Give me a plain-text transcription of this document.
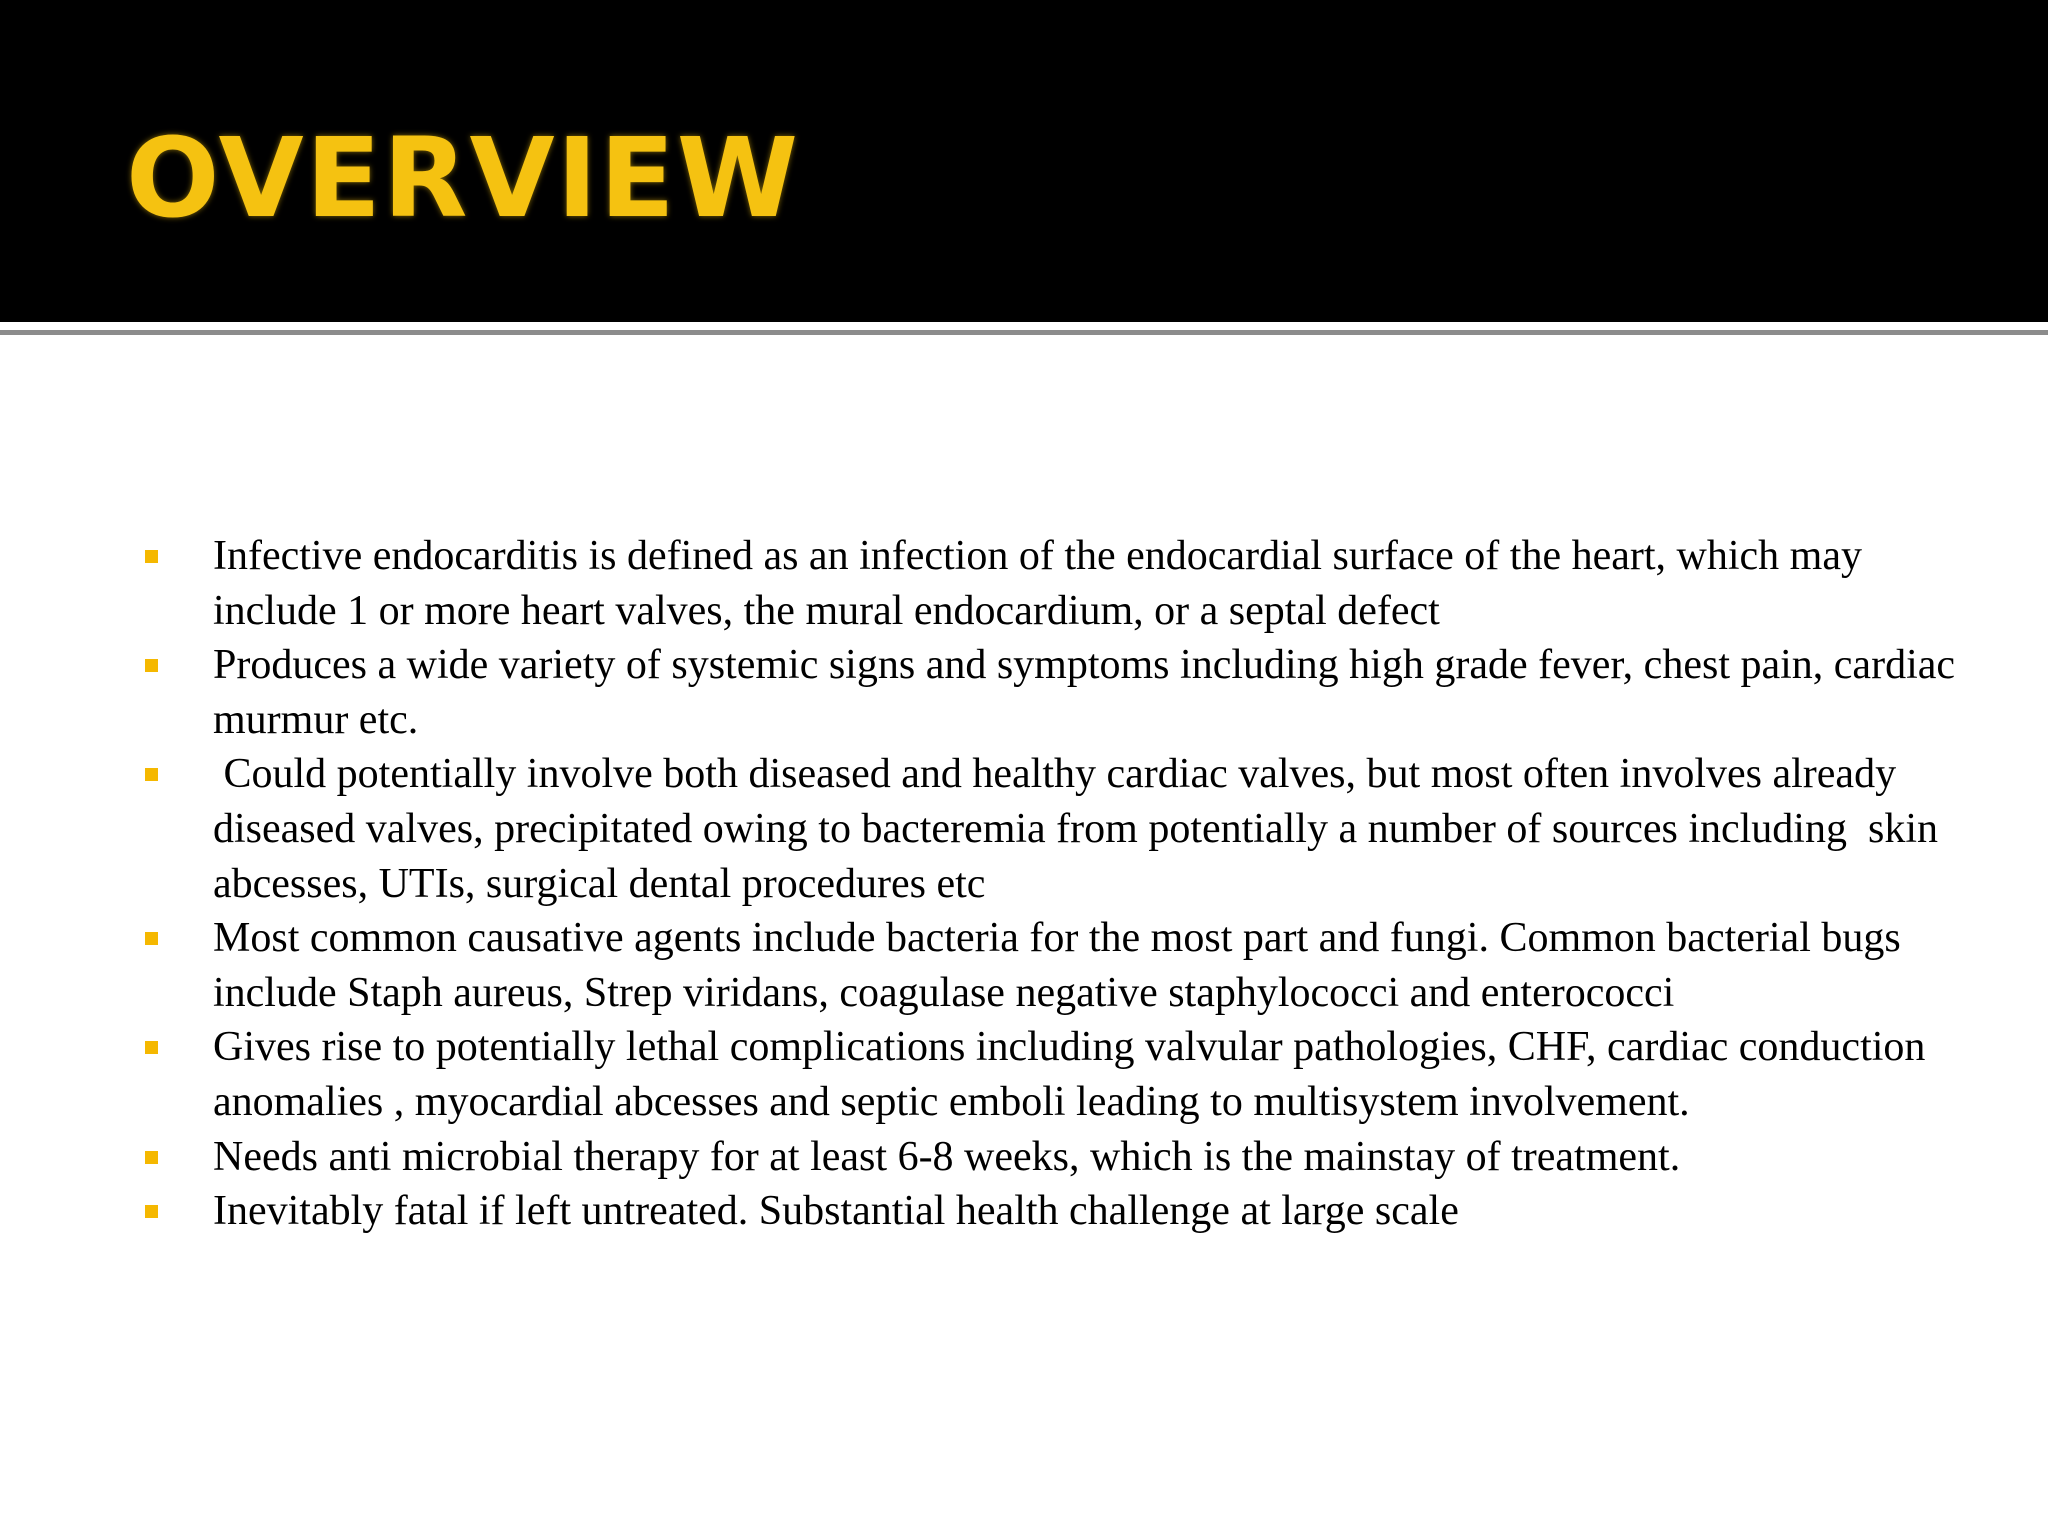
OVERVIEW
Infective endocarditis is defined as an infection of the endocardial surface of the heart, which may include 1 or more heart valves, the mural endocardium, or a septal defect
Produces a wide variety of systemic signs and symptoms including high grade fever, chest pain, cardiac murmur etc.
Could potentially involve both diseased and healthy cardiac valves, but most often involves already diseased valves, precipitated owing to bacteremia from potentially a number of sources including  skin abcesses, UTIs, surgical dental procedures etc
Most common causative agents include bacteria for the most part and fungi. Common bacterial bugs include Staph aureus, Strep viridans, coagulase negative staphylococci and enterococci
Gives rise to potentially lethal complications including valvular pathologies, CHF, cardiac conduction anomalies , myocardial abcesses and septic emboli leading to multisystem involvement.
Needs anti microbial therapy for at least 6-8 weeks, which is the mainstay of treatment.
Inevitably fatal if left untreated. Substantial health challenge at large scale
